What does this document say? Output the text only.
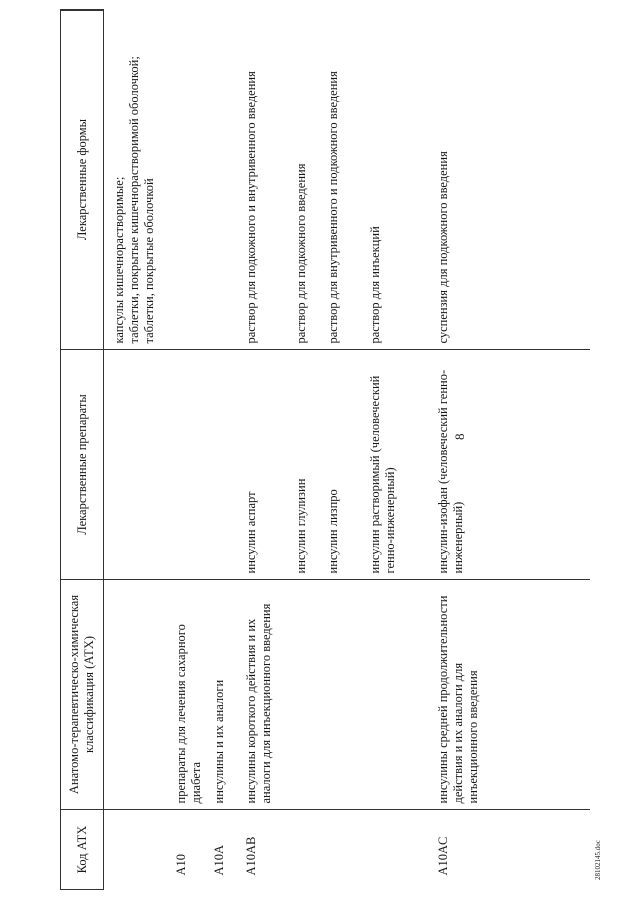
8
Код АТХ	Анатомо-терапевтическо-химическая классификация (АТХ)	Лекарственные препараты	Лекарственные формы
			капсулы кишечнорастворимые;
таблетки, покрытые кишечнорастворимой оболочкой;
таблетки, покрытые оболочкой
A10	препараты для лечения сахарного диабета		
A10A	инсулины и их аналоги		
A10AB	инсулины короткого действия и их аналоги для инъекционного введения	инсулин аспарт	раствор для подкожного и внутривенного введения
		инсулин глулизин	раствор для подкожного введения
		инсулин лизпро	раствор для внутривенного и подкожного введения
		инсулин растворимый (человеческий генно-инженерный)	раствор для инъекций
A10AC	инсулины средней продолжительности действия и их аналоги для инъекционного введения	инсулин-изофан (человеческий генно-инженерный)	суспензия для подкожного введения
28102145.doc
